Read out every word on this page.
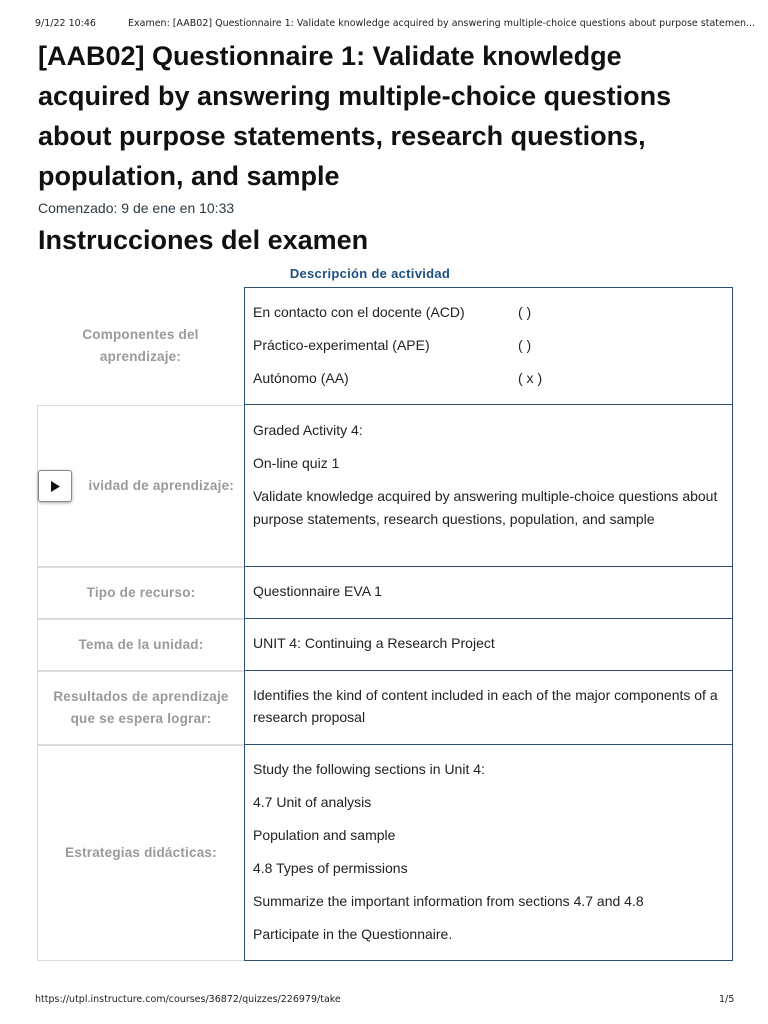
9/1/22 10:46	Examen: [AAB02] Questionnaire 1: Validate knowledge acquired by answering multiple-choice questions about purpose statemen...
[AAB02] Questionnaire 1: Validate knowledge acquired by answering multiple-choice questions about purpose statements, research questions, population, and sample
Comenzado: 9 de ene en 10:33
Instrucciones del examen
Descripción de actividad
Componentes del aprendizaje:
En contacto con el docente (ACD)	( )
Práctico-experimental (APE)	( )
Autónomo (AA)	( x )
ividad de aprendizaje:

Graded Activity 4:

On-line quiz 1

Validate knowledge acquired by answering multiple-choice questions about purpose statements, research questions, population, and sample

Tipo de recurso:	Questionnaire EVA 1

Tema de la unidad:	UNIT 4: Continuing a Research Project

Resultados de aprendizaje que se espera lograr:

Identifies the kind of content included in each of the major components of a research proposal

Estrategias didácticas:

Study the following sections in Unit 4:

4.7 Unit of analysis

Population and sample

4.8 Types of permissions

Summarize the important information from sections 4.7 and 4.8

Participate in the Questionnaire.

https://utpl.instructure.com/courses/36872/quizzes/226979/take	1/5
